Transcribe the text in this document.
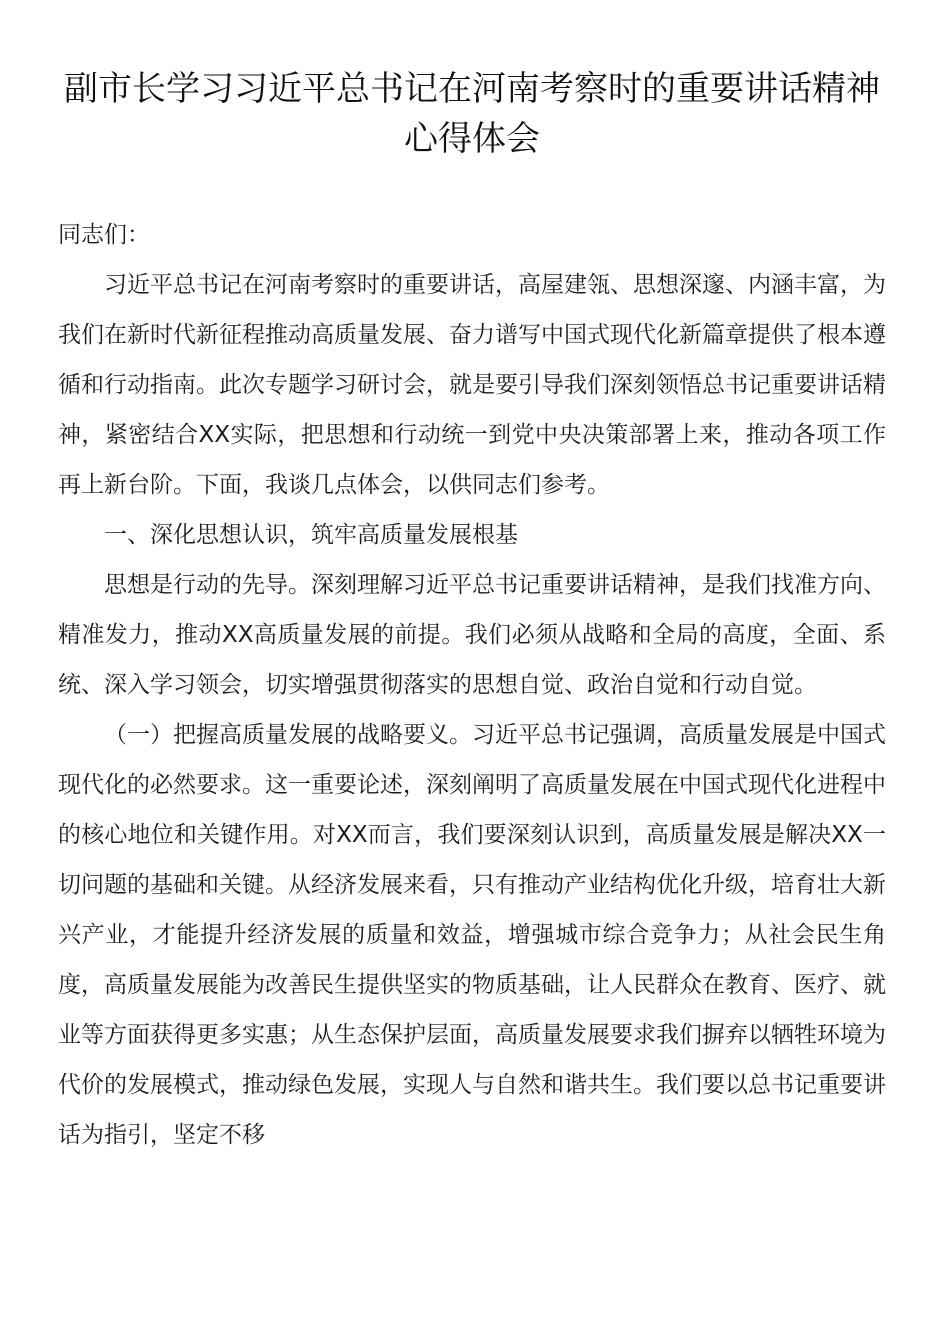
副市长学习习近平总书记在河南考察时的重要讲话精神心得体会

同志们：

习近平总书记在河南考察时的重要讲话，高屋建瓴、思想深邃、内涵丰富，为我们在新时代新征程推动高质量发展、奋力谱写中国式现代化新篇章提供了根本遵循和行动指南。此次专题学习研讨会，就是要引导我们深刻领悟总书记重要讲话精神，紧密结合XX实际，把思想和行动统一到党中央决策部署上来，推动各项工作再上新台阶。下面，我谈几点体会，以供同志们参考。

一、深化思想认识，筑牢高质量发展根基

思想是行动的先导。深刻理解习近平总书记重要讲话精神，是我们找准方向、精准发力，推动XX高质量发展的前提。我们必须从战略和全局的高度，全面、系统、深入学习领会，切实增强贯彻落实的思想自觉、政治自觉和行动自觉。

（一）把握高质量发展的战略要义。习近平总书记强调，高质量发展是中国式现代化的必然要求。这一重要论述，深刻阐明了高质量发展在中国式现代化进程中的核心地位和关键作用。对XX而言，我们要深刻认识到，高质量发展是解决XX一切问题的基础和关键。从经济发展来看，只有推动产业结构优化升级，培育壮大新兴产业，才能提升经济发展的质量和效益，增强城市综合竞争力；从社会民生角度，高质量发展能为改善民生提供坚实的物质基础，让人民群众在教育、医疗、就业等方面获得更多实惠；从生态保护层面，高质量发展要求我们摒弃以牺牲环境为代价的发展模式，推动绿色发展，实现人与自然和谐共生。我们要以总书记重要讲话为指引，坚定不移
